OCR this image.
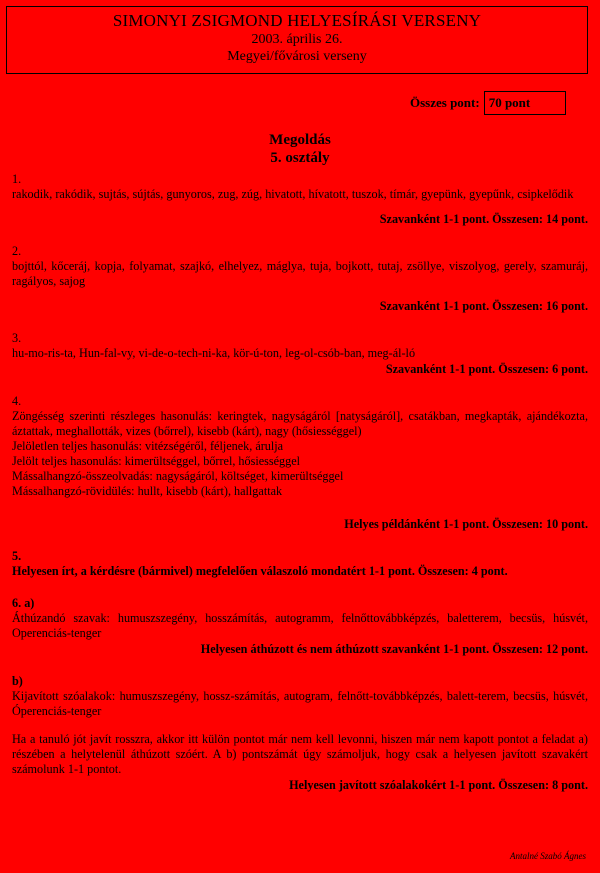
SIMONYI ZSIGMOND HELYESÍRÁSI VERSENY
2003. április 26.
Megyei/fővárosi verseny
Összes pont: 70 pont
Megoldás
5. osztály
1.
rakodik, rakódik, sujtás, sújtás, gunyoros, zug, zúg, hivatott, hívatott, tuszok, tímár, gyepünk, gyepűnk, csipkelődik
Szavanként 1-1 pont. Összesen: 14 pont.
2.
bojttól, kőceráj, kopja, folyamat, szajkó, elhelyez, máglya, tuja, bojkott, tutaj, zsöllye, viszolyog, gerely, szamuráj, ragályos, sajog
Szavanként 1-1 pont. Összesen: 16 pont.
3.
hu-mo-ris-ta, Hun-fal-vy, vi-de-o-tech-ni-ka, kör-ú-ton, leg-ol-csób-ban, meg-ál-ló
Szavanként 1-1 pont. Összesen: 6 pont.
4.
Zöngésség szerinti részleges hasonulás: keringtek, nagyságáról [natyságáról], csatákban, megkapták, ajándékozta, áztattak, meghallották, vizes (bőrrel), kisebb (kárt), nagy (hősiességgel)
Jelöletlen teljes hasonulás: vitézségéről, féljenek, árulja
Jelölt teljes hasonulás: kimerültséggel, bőrrel, hősiességgel
Mássalhangzó-összeolvadás: nagyságáról, költséget, kimerültséggel
Mássalhangzó-rövidülés: hullt, kisebb (kárt), hallgattak
Helyes példánként 1-1 pont. Összesen: 10 pont.
5.
Helyesen írt, a kérdésre (bármivel) megfelelően válaszoló mondatért 1-1 pont. Összesen: 4 pont.
6. a)
Áthúzandó szavak: humuszszegény, hosszámítás, autogramm, felnőttovábbképzés, baletterem, becsüs, húsvét, Operenciás-tenger
Helyesen áthúzott és nem áthúzott szavanként 1-1 pont. Összesen: 12 pont.
b)
Kijavított szóalakok: humuszszegény, hossz-számítás, autogram, felnőtt-továbbképzés, balett-terem, becsüs, húsvét, Óperenciás-tenger
Ha a tanuló jót javít rosszra, akkor itt külön pontot már nem kell levonni, hiszen már nem kapott pontot a feladat a) részében a helytelenül áthúzott szóért. A b) pontszámát úgy számoljuk, hogy csak a helyesen javított szavakért számolunk 1-1 pontot.
Helyesen javított szóalakokért 1-1 pont. Összesen: 8 pont.
Antalné Szabó Ágnes
